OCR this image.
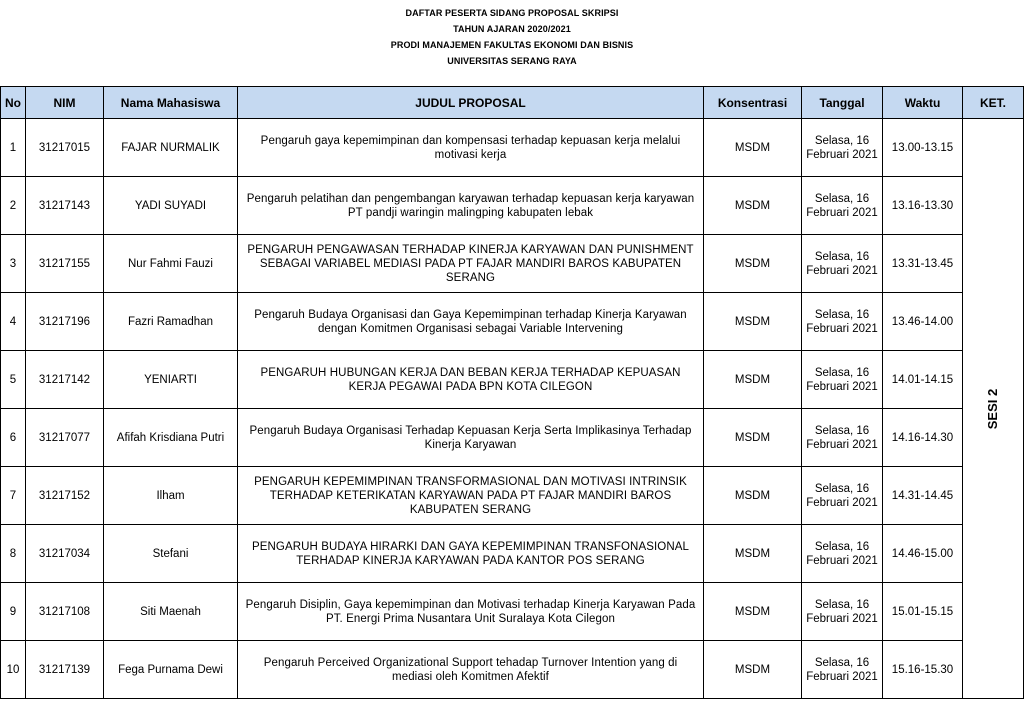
DAFTAR PESERTA SIDANG PROPOSAL SKRIPSI
TAHUN AJARAN 2020/2021
PRODI MANAJEMEN FAKULTAS EKONOMI DAN BISNIS
UNIVERSITAS SERANG RAYA
No	NIM	Nama Mahasiswa	JUDUL PROPOSAL	Konsentrasi	Tanggal	Waktu	KET.
1	31217015	FAJAR NURMALIK	Pengaruh gaya kepemimpinan dan kompensasi terhadap kepuasan kerja melalui motivasi kerja	MSDM	Selasa, 16 Februari 2021	13.00-13.15	SESI 2
2	31217143	YADI SUYADI	Pengaruh pelatihan dan pengembangan karyawan terhadap kepuasan kerja karyawan PT pandji waringin malingping kabupaten lebak	MSDM	Selasa, 16 Februari 2021	13.16-13.30	
3	31217155	Nur Fahmi Fauzi	PENGARUH PENGAWASAN TERHADAP KINERJA KARYAWAN DAN PUNISHMENT SEBAGAI VARIABEL MEDIASI PADA PT FAJAR MANDIRI BAROS KABUPATEN SERANG	MSDM	Selasa, 16 Februari 2021	13.31-13.45	
4	31217196	Fazri Ramadhan	Pengaruh Budaya Organisasi dan Gaya Kepemimpinan terhadap Kinerja Karyawan dengan Komitmen Organisasi sebagai Variable Intervening	MSDM	Selasa, 16 Februari 2021	13.46-14.00	
5	31217142	YENIARTI	PENGARUH HUBUNGAN KERJA DAN BEBAN KERJA TERHADAP KEPUASAN KERJA PEGAWAI PADA BPN KOTA CILEGON	MSDM	Selasa, 16 Februari 2021	14.01-14.15	
6	31217077	Afifah Krisdiana Putri	Pengaruh Budaya Organisasi Terhadap Kepuasan Kerja Serta Implikasinya Terhadap Kinerja Karyawan	MSDM	Selasa, 16 Februari 2021	14.16-14.30	
7	31217152	Ilham	PENGARUH KEPEMIMPINAN TRANSFORMASIONAL DAN MOTIVASI INTRINSIK TERHADAP KETERIKATAN KARYAWAN PADA PT FAJAR MANDIRI BAROS KABUPATEN SERANG	MSDM	Selasa, 16 Februari 2021	14.31-14.45	
8	31217034	Stefani	PENGARUH BUDAYA HIRARKI DAN GAYA KEPEMIMPINAN TRANSFONASIONAL TERHADAP KINERJA KARYAWAN PADA KANTOR POS SERANG	MSDM	Selasa, 16 Februari 2021	14.46-15.00	
9	31217108	Siti Maenah	Pengaruh Disiplin, Gaya kepemimpinan dan Motivasi terhadap Kinerja Karyawan Pada PT. Energi Prima Nusantara Unit Suralaya Kota Cilegon	MSDM	Selasa, 16 Februari 2021	15.01-15.15	
10	31217139	Fega Purnama Dewi	Pengaruh Perceived Organizational Support tehadap Turnover Intention yang di mediasi oleh Komitmen Afektif	MSDM	Selasa, 16 Februari 2021	15.16-15.30	
